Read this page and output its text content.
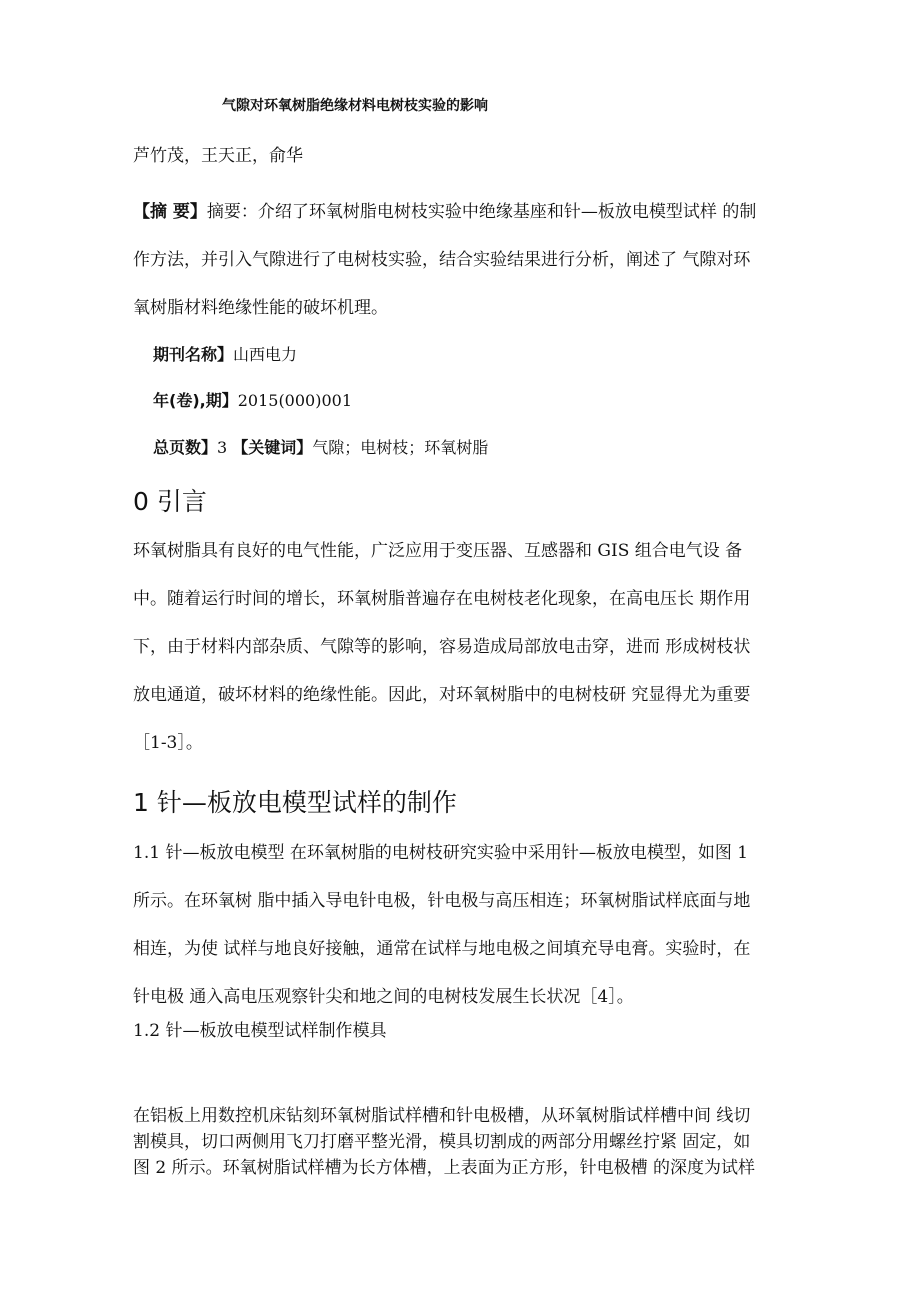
气隙对环氧树脂绝缘材料电树枝实验的影响
芦竹茂，王天正，俞华
【摘 要】摘要：介绍了环氧树脂电树枝实验中绝缘基座和针—板放电模型试样 的制
作方法，并引入气隙进行了电树枝实验，结合实验结果进行分析，阐述了 气隙对环
氧树脂材料绝缘性能的破坏机理。
期刊名称】山西电力
年(卷),期】2015(000)001
总页数】3 【关键词】气隙；电树枝；环氧树脂
0 引言
环氧树脂具有良好的电气性能，广泛应用于变压器、互感器和 GIS 组合电气设 备
中。随着运行时间的增长，环氧树脂普遍存在电树枝老化现象，在高电压长 期作用
下，由于材料内部杂质、气隙等的影响，容易造成局部放电击穿，进而 形成树枝状
放电通道，破坏材料的绝缘性能。因此，对环氧树脂中的电树枝研 究显得尤为重要
［1-3］。
1 针—板放电模型试样的制作
1.1 针—板放电模型 在环氧树脂的电树枝研究实验中采用针—板放电模型，如图 1
所示。在环氧树 脂中插入导电针电极，针电极与高压相连；环氧树脂试样底面与地
相连，为使 试样与地良好接触，通常在试样与地电极之间填充导电膏。实验时，在
针电极 通入高电压观察针尖和地之间的电树枝发展生长状况［4］。
1.2 针—板放电模型试样制作模具
在铝板上用数控机床钻刻环氧树脂试样槽和针电极槽，从环氧树脂试样槽中间 线切
割模具，切口两侧用飞刀打磨平整光滑，模具切割成的两部分用螺丝拧紧 固定，如
图 2 所示。环氧树脂试样槽为长方体槽，上表面为正方形，针电极槽 的深度为试样
